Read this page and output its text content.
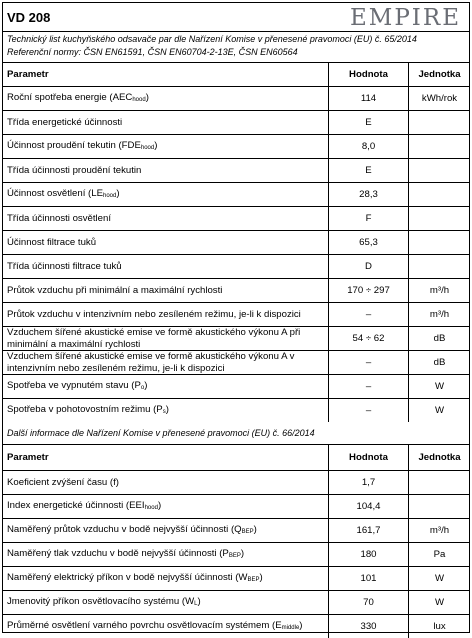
VD 208	EMPIRE
Technický list kuchyňského odsavače par dle Nařízení Komise v přenesené pravomoci (EU) č. 65/2014
Referenční normy: ČSN EN61591, ČSN EN60704-2-13E, ČSN EN60564
Parametr	Hodnota	Jednotka
Roční spotřeba energie $(AEC_{hood})$	114	kWh/rok
Třída energetické účinnosti	E
Účinnost proudění tekutin $(FDE_{hood})$	8,0
Třída účinnosti proudění tekutin	E
Účinnost osvětlení $(LE_{hood})$	28,3
Třída účinnosti osvětlení	F
Účinnost filtrace tuků	65,3
Třída účinnosti filtrace tuků	D
Průtok vzduchu při minimální a maximální rychlosti	170 ÷ 297	m³/h
Průtok vzduchu v intenzivním nebo zesíleném režimu, je-li k dispozici	–	m³/h
Vzduchem šířené akustické emise ve formě akustického výkonu A při minimální a maximální rychlosti	54 ÷ 62	dB
Vzduchem šířené akustické emise ve formě akustického výkonu A v intenzivním nebo zesíleném režimu, je-li k dispozici	–	dB
Spotřeba ve vypnutém stavu $(P_o)$	–	W
Spotřeba v pohotovostním režimu $(P_s)$	–	W
Další informace dle Nařízení Komise v přenesené pravomoci (EU) č. 66/2014
Parametr	Hodnota	Jednotka
Koeficient zvýšení času (f)	1,7
Index energetické účinnosti $(EEI_{hood})$	104,4
Naměřený průtok vzduchu v bodě nejvyšší účinnosti $(Q_{BEP})$	161,7	m³/h
Naměřený tlak vzduchu v bodě nejvyšší účinnosti $(P_{BEP})$	180	Pa
Naměřený elektrický příkon v bodě nejvyšší účinnosti $(W_{BEP})$	101	W
Jmenovitý příkon osvětlovacího systému $(W_L)$	70	W
Průměrné osvětlení varného povrchu osvětlovacím systémem $(E_{middle})$	330	lux
